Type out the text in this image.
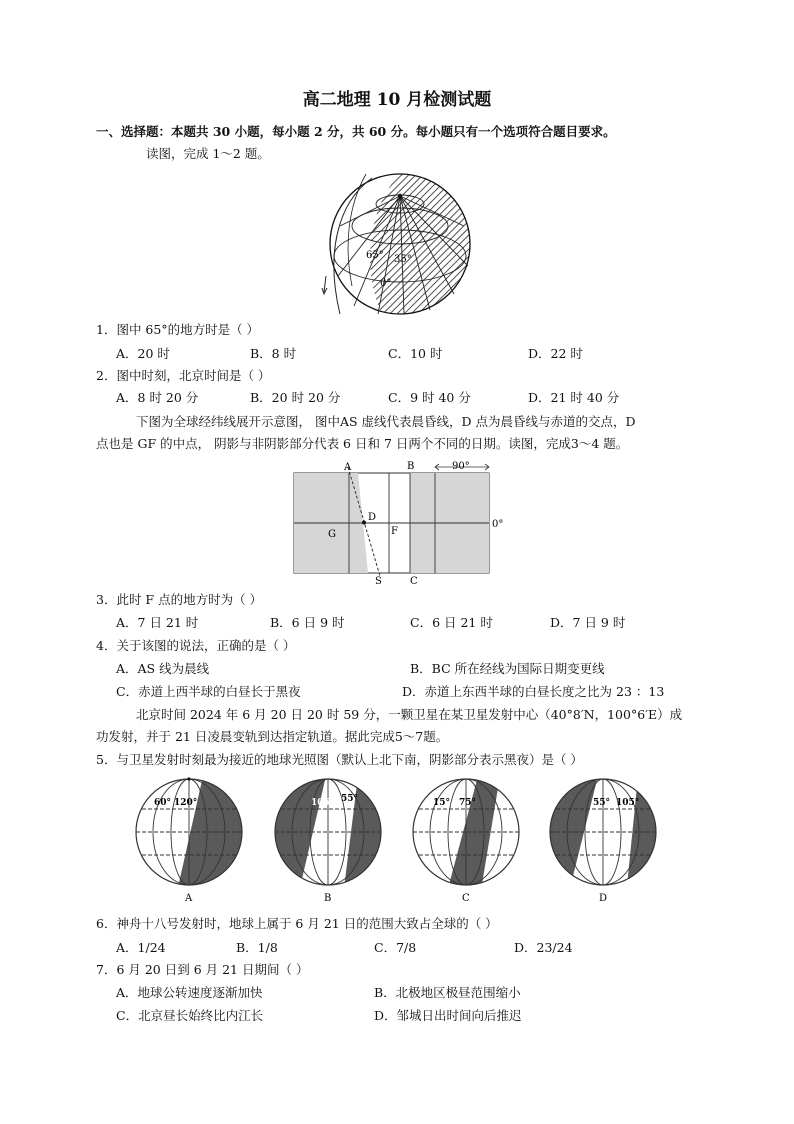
高二地理 10 月检测试题
一、选择题：本题共 30 小题，每小题 2 分，共 60 分。每小题只有一个选项符合题目要求。
读图，完成 1～2 题。
65° 35°
0°
1．图中 65°的地方时是（ ）
A．20 时	B．8 时	C．10 时	D．22 时
2．图中时刻，北京时间是（ ）
A．8 时 20 分	B．20 时 20 分	C．9 时 40 分	D．21 时 40 分
下图为全球经纬线展开示意图， 图中AS 虚线代表晨昏线，D 点为晨昏线与赤道的交点，D
点也是 GF 的中点， 阴影与非阴影部分代表 6 日和 7 日两个不同的日期。读图，完成3～4 题。
A	B	90°
D
G	F
0°
S	C
3．此时 F 点的地方时为（ ）
A．7 日 21 时	B．6 日 9 时	C．6 日 21 时	D．7 日 9 时
4．关于该图的说法，正确的是（ ）
A．AS 线为晨线	B．BC 所在经线为国际日期变更线
C．赤道上西半球的白昼长于黑夜	D．赤道上东西半球的白昼长度之比为 23 ：13
北京时间 2024 年 6 月 20 日 20 时 59 分，一颗卫星在某卫星发射中心（40°8′N，100°6′E）成
功发射，并于 21 日凌晨变轨到达指定轨道。据此完成5～7题。
5．与卫星发射时刻最为接近的地球光照图（默认上北下南，阴影部分表示黑夜）是（ ）
60° 120°
A
105° 55°
B
15° 75°
C
55° 105°
D
6．神舟十八号发射时，地球上属于 6 月 21 日的范围大致占全球的（ ）
A．1/24	B．1/8	C．7/8	D．23/24
7．6 月 20 日到 6 月 21 日期间（ ）
A．地球公转速度逐渐加快	B．北极地区极昼范围缩小
C．北京昼长始终比内江长	D．邹城日出时间向后推迟
